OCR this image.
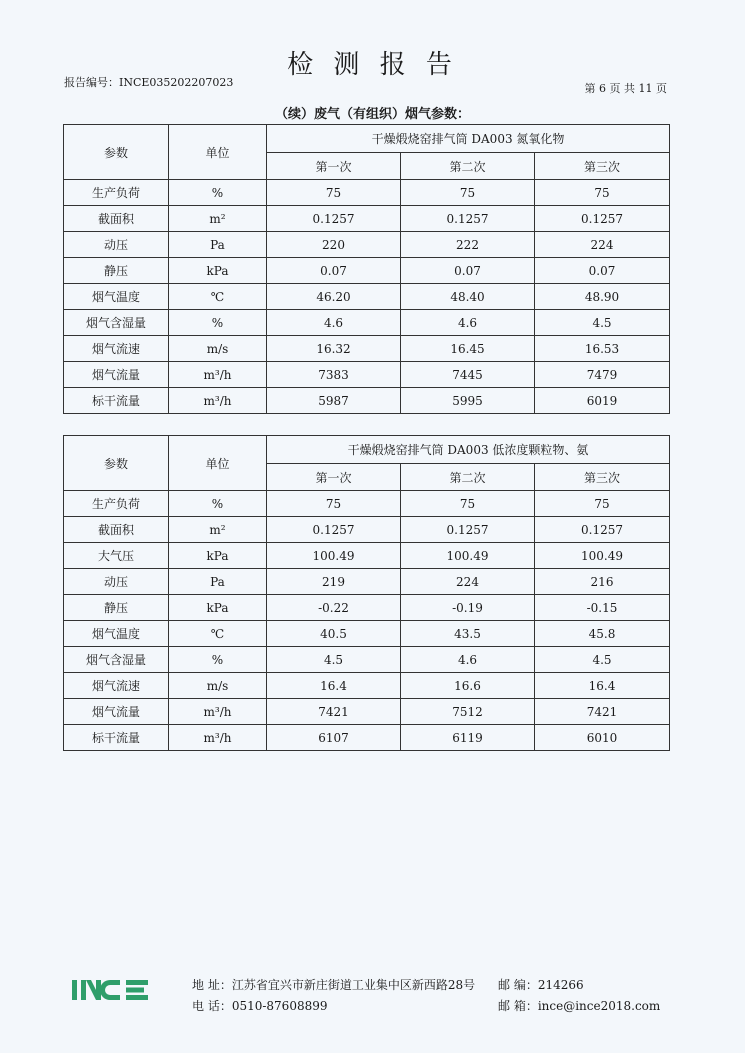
检 测 报 告
报告编号：INCE035202207023	第 6 页 共 11 页
（续）废气（有组织）烟气参数：
参数	单位	干燥煅烧窑排气筒 DA003 氮氧化物		
		第一次	第二次	第三次
生产负荷	%	75	75	75
截面积	m²	0.1257	0.1257	0.1257
动压	Pa	220	222	224
静压	kPa	0.07	0.07	0.07
烟气温度	℃	46.20	48.40	48.90
烟气含湿量	%	4.6	4.6	4.5
烟气流速	m/s	16.32	16.45	16.53
烟气流量	m³/h	7383	7445	7479
标干流量	m³/h	5987	5995	6019
参数	单位	干燥煅烧窑排气筒 DA003 低浓度颗粒物、氨		
		第一次	第二次	第三次
生产负荷	%	75	75	75
截面积	m²	0.1257	0.1257	0.1257
大气压	kPa	100.49	100.49	100.49
动压	Pa	219	224	216
静压	kPa	-0.22	-0.19	-0.15
烟气温度	℃	40.5	43.5	45.8
烟气含湿量	%	4.5	4.6	4.5
烟气流速	m/s	16.4	16.6	16.4
烟气流量	m³/h	7421	7512	7421
标干流量	m³/h	6107	6119	6010
地 址：江苏省宜兴市新庄街道工业集中区新西路28号
电 话：0510-87608899
邮 编：214266
邮 箱：ince@ince2018.com
